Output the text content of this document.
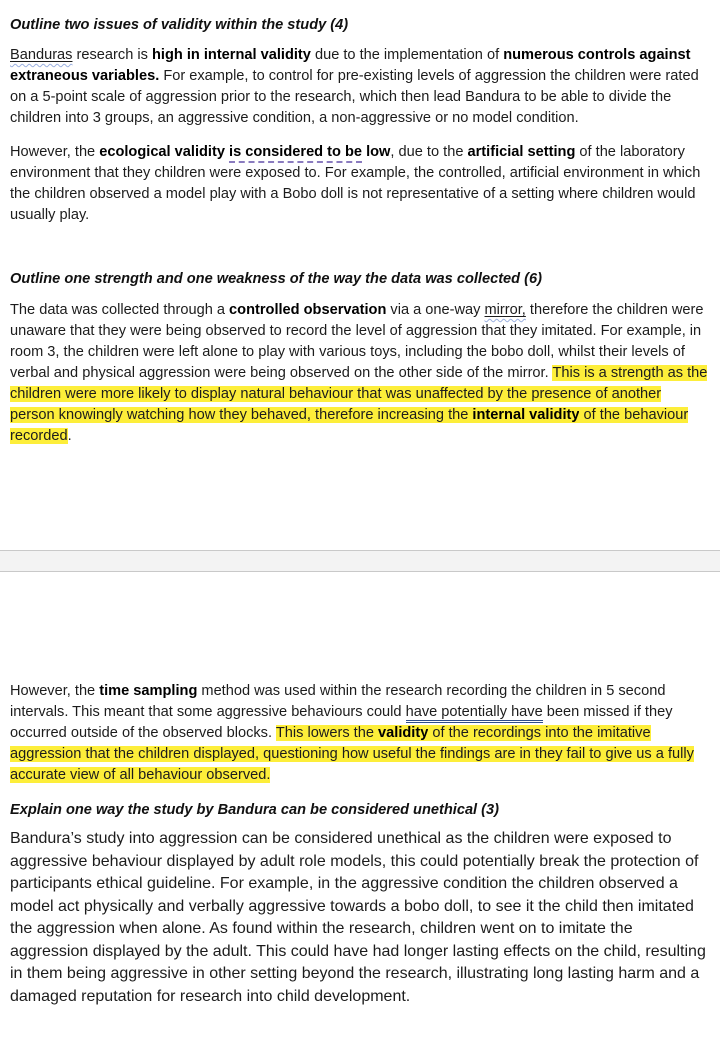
Outline two issues of validity within the study (4)

Banduras research is high in internal validity due to the implementation of numerous controls against extraneous variables. For example, to control for pre-existing levels of aggression the children were rated on a 5-point scale of aggression prior to the research, which then lead Bandura to be able to divide the children into 3 groups, an aggressive condition, a non-aggressive or no model condition.

However, the ecological validity is considered to be low, due to the artificial setting of the laboratory environment that they children were exposed to. For example, the controlled, artificial environment in which the children observed a model play with a Bobo doll is not representative of a setting where children would usually play.

Outline one strength and one weakness of the way the data was collected (6)

The data was collected through a controlled observation via a one-way mirror, therefore the children were unaware that they were being observed to record the level of aggression that they imitated. For example, in room 3, the children were left alone to play with various toys, including the bobo doll, whilst their levels of verbal and physical aggression were being observed on the other side of the mirror. This is a strength as the children were more likely to display natural behaviour that was unaffected by the presence of another person knowingly watching how they behaved, therefore increasing the internal validity of the behaviour recorded.

However, the time sampling method was used within the research recording the children in 5 second intervals. This meant that some aggressive behaviours could have potentially have been missed if they occurred outside of the observed blocks. This lowers the validity of the recordings into the imitative aggression that the children displayed, questioning how useful the findings are in they fail to give us a fully accurate view of all behaviour observed.

Explain one way the study by Bandura can be considered unethical (3)

Bandura’s study into aggression can be considered unethical as the children were exposed to aggressive behaviour displayed by adult role models, this could potentially break the protection of participants ethical guideline. For example, in the aggressive condition the children observed a model act physically and verbally aggressive towards a bobo doll, to see it the child then imitated the aggression when alone. As found within the research, children went on to imitate the aggression displayed by the adult. This could have had longer lasting effects on the child, resulting in them being aggressive in other setting beyond the research, illustrating long lasting harm and a damaged reputation for research into child development.
